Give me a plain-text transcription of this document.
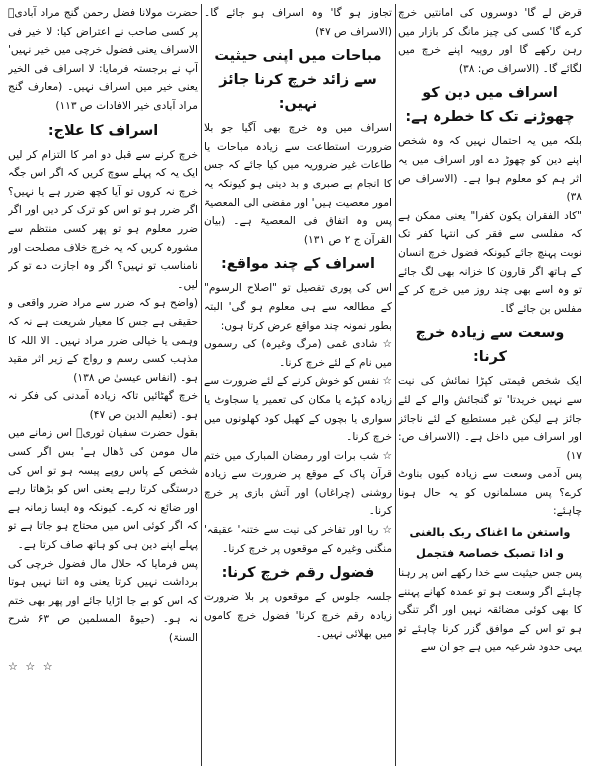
قرض لے گا' دوسروں کی امانتیں خرچ کرے گا' کسی کی چیز مانگ کر بازار میں رہن رکھے گا اور روپیہ اپنے خرچ میں لگائے گا۔ (الاسراف ص: ۳۸)

اسراف میں دین کو چھوڑنے تک کا خطرہ ہے:

بلکہ میں یہ احتمال نہیں کہ وہ شخص اپنے دین کو چھوڑ دے اور اسراف میں یہ اثر ہم کو معلوم ہوا ہے۔ (الاسراف ص ۳۸)

"کاد الفقران یکون کفرا" یعنی ممکن ہے کہ مفلسی سے فقر کی انتہا کفر تک نوبت پہنچ جائے کیونکہ فضول خرچ انسان کے ہاتھ اگر قارون کا خزانہ بھی لگ جائے تو وہ اسے بھی چند روز میں خرچ کر کے مفلس بن جائے گا۔

وسعت سے زیادہ خرچ کرنا:

ایک شخص قیمتی کپڑا نمائش کی نیت سے نہیں خریدتا' تو گنجائش والے کے لئے جائز ہے لیکن غیر مستطیع کے لئے ناجائز اور اسراف میں داخل ہے۔ (الاسراف ص: ۱۷)

پس آدمی وسعت سے زیادہ کیوں بناوٹ کرے؟ پس مسلمانوں کو یہ حال ہونا چاہئے:

واستغن ما اغناک ربک بالغنی

و اذا تصبک خصاصۃ فتجمل

پس جس حیثیت سے خدا رکھے اس پر رہنا چاہئے اگر وسعت ہو تو عمدہ کھانے پہننے کا بھی کوئی مضائقہ نہیں اور اگر تنگی ہو تو اس کے موافق گزر کرنا چاہئے تو یہی حدود شرعیہ میں ہے جو ان سے

تجاوز ہو گا' وہ اسراف ہو جائے گا۔ (الاسراف ص ۴۷)

مباحات میں اپنی حیثیت سے زائد خرچ کرنا جائز نہیں:

اسراف میں وہ خرچ بھی آگیا جو بلا ضرورت استطاعت سے زیادہ مباحات یا طاعات غیر ضروریہ میں کیا جائے کہ جس کا انجام بے صبری و بد دینی ہو کیونکہ یہ امور معصیت ہیں' اور مفضی الی المعصیۃ پس وہ اتفاق فی المعصیۃ ہے۔ (بیان القرآن ج ۲ ص ۱۳۱)

اسراف کے چند مواقع:

اس کی پوری تفصیل تو "اصلاح الرسوم" کے مطالعہ سے ہی معلوم ہو گی' البتہ بطور نمونہ چند مواقع عرض کرتا ہوں:

☆ شادی غمی (مرگ وغیرہ) کی رسموں میں نام کے لئے خرچ کرنا۔

☆ نفس کو خوش کرنے کے لئے ضرورت سے زیادہ کپڑے یا مکان کی تعمیر یا سجاوٹ یا سواری یا بچوں کے کھیل کود کھلونوں میں خرچ کرنا۔

☆ شب برات اور رمضان المبارک میں ختم قرآن پاک کے موقع پر ضرورت سے زیادہ روشنی (چراغاں) اور آتش بازی پر خرچ کرنا۔

☆ ریا اور تفاخر کی نیت سے ختنہ' عقیقہ' منگنی وغیرہ کے موقعوں پر خرچ کرنا۔

فضول رقم خرچ کرنا:

جلسہ جلوس کے موقعوں پر بلا ضرورت زیادہ رقم خرچ کرنا' فضول خرچ کاموں میں بھلائی نہیں۔

حضرت مولانا فضل رحمن گنج مراد آبادیؒ پر کسی صاحب نے اعتراض کیا: لا خیر فی الاسراف یعنی فضول خرچی میں خیر نہیں' آپ نے برجستہ فرمایا: لا اسراف فی الخیر یعنی خیر میں اسراف نہیں۔ (معارف گنج مراد آبادی خیر الافادات ص ۱۱۳)

اسراف کا علاج:

خرچ کرنے سے قبل دو امر کا التزام کر لیں ایک یہ کہ پہلے سوچ کریں کہ اگر اس جگہ خرچ نہ کروں تو آیا کچھ ضرر ہے یا نہیں؟ اگر ضرر ہو تو اس کو ترک کر دیں اور اگر ضرر معلوم ہو تو پھر کسی منتظم سے مشورہ کریں کہ یہ خرچ خلاف مصلحت اور نامناسب تو نہیں؟ اگر وہ اجازت دے تو کر لیں۔

(واضح ہو کہ ضرر سے مراد ضرر واقعی و حقیقی ہے جس کا معیار شریعت ہے نہ کہ وہمی یا خیالی ضرر مراد نہیں۔ الا اللہ کا مذہب کسی رسم و رواج کے زیر اثر مقید ہو۔ (انفاس عیسیٰ ص ۱۳۸)

خرچ گھٹائیں تاکہ زیادہ آمدنی کی فکر نہ ہو۔ (تعلیم الدین ص ۴۷)

بقول حضرت سفیان ثوریؒ اس زمانے میں مال مومن کی ڈھال ہے' بس اگر کسی شخص کے پاس روپے پیسہ ہو تو اس کی درستگی کرتا رہے یعنی اس کو بڑھاتا رہے اور ضائع نہ کرے۔ کیونکہ وہ ایسا زمانہ ہے کہ اگر کوئی اس میں محتاج ہو جاتا ہے تو پہلے اپنے دین ہی کو ہاتھ صاف کرتا ہے۔

پس فرمایا کہ حلال مال فضول خرچی کی برداشت نہیں کرتا یعنی وہ اتنا نہیں ہوتا کہ اس کو بے جا اڑایا جائے اور پھر بھی ختم نہ ہو۔ (حیوۃ المسلمین ص ۶۳ شرح السنۃ)

☆ ☆ ☆
